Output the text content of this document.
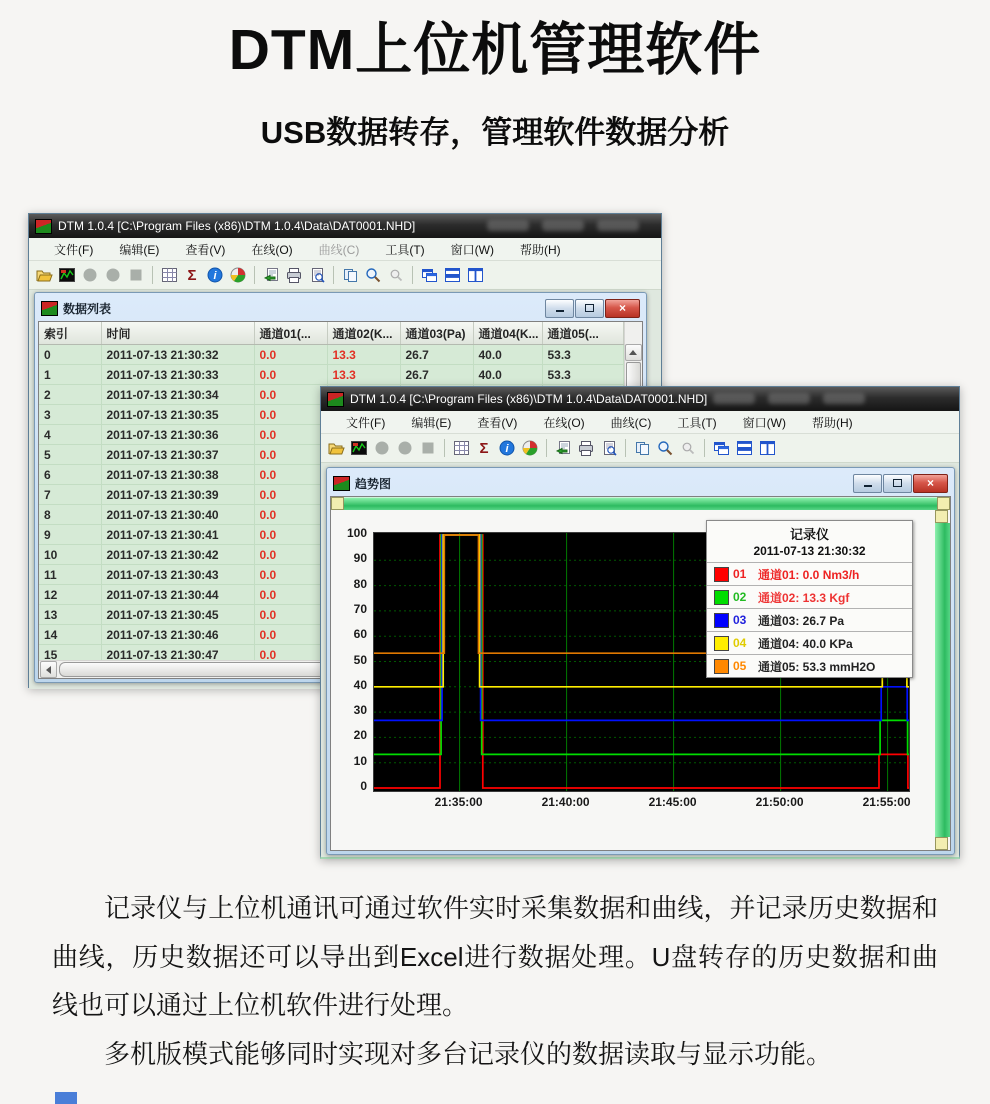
DTM上位机管理软件
USB数据转存，管理软件数据分析
DTM 1.0.4 [C:\Program Files (x86)\DTM 1.0.4\Data\DAT0001.NHD]
文件(F)	编辑(E)	查看(V)	在线(O)	曲线(C)	工具(T)	窗口(W)	帮助(H)
Σ	i
数据列表	×
索引	时间	通道01(...	通道02(K...	通道03(Pa)	通道04(K...	通道05(...
0	2011-07-13 21:30:32	0.0	13.3	26.7	40.0	53.3
1	2011-07-13 21:30:33	0.0	13.3	26.7	40.0	53.3
2	2011-07-13 21:30:34	0.0				
3	2011-07-13 21:30:35	0.0				
4	2011-07-13 21:30:36	0.0				
5	2011-07-13 21:30:37	0.0				
6	2011-07-13 21:30:38	0.0				
7	2011-07-13 21:30:39	0.0				
8	2011-07-13 21:30:40	0.0				
9	2011-07-13 21:30:41	0.0				
10	2011-07-13 21:30:42	0.0				
11	2011-07-13 21:30:43	0.0				
12	2011-07-13 21:30:44	0.0				
13	2011-07-13 21:30:45	0.0				
14	2011-07-13 21:30:46	0.0				
15	2011-07-13 21:30:47	0.0				
DTM 1.0.4 [C:\Program Files (x86)\DTM 1.0.4\Data\DAT0001.NHD]
文件(F)	编辑(E)	查看(V)	在线(O)	曲线(C)	工具(T)	窗口(W)	帮助(H)
Σ	i
趋势图	×
记录仪
2011-07-13 21:30:32
01 通道01: 0.0 Nm3/h
02 通道02: 13.3 Kgf
03 通道03: 26.7 Pa
04 通道04: 40.0 KPa
05 通道05: 53.3 mmH2O
0
10
20
30
40
50
60
70
80
90
100
21:35:00	21:40:00	21:45:00	21:50:00	21:55:00

记录仪与上位机通讯可通过软件实时采集数据和曲线，并记录历史数据和曲线，历史数据还可以导出到Excel进行数据处理。U盘转存的历史数据和曲线也可以通过上位机软件进行处理。

多机版模式能够同时实现对多台记录仪的数据读取与显示功能。
